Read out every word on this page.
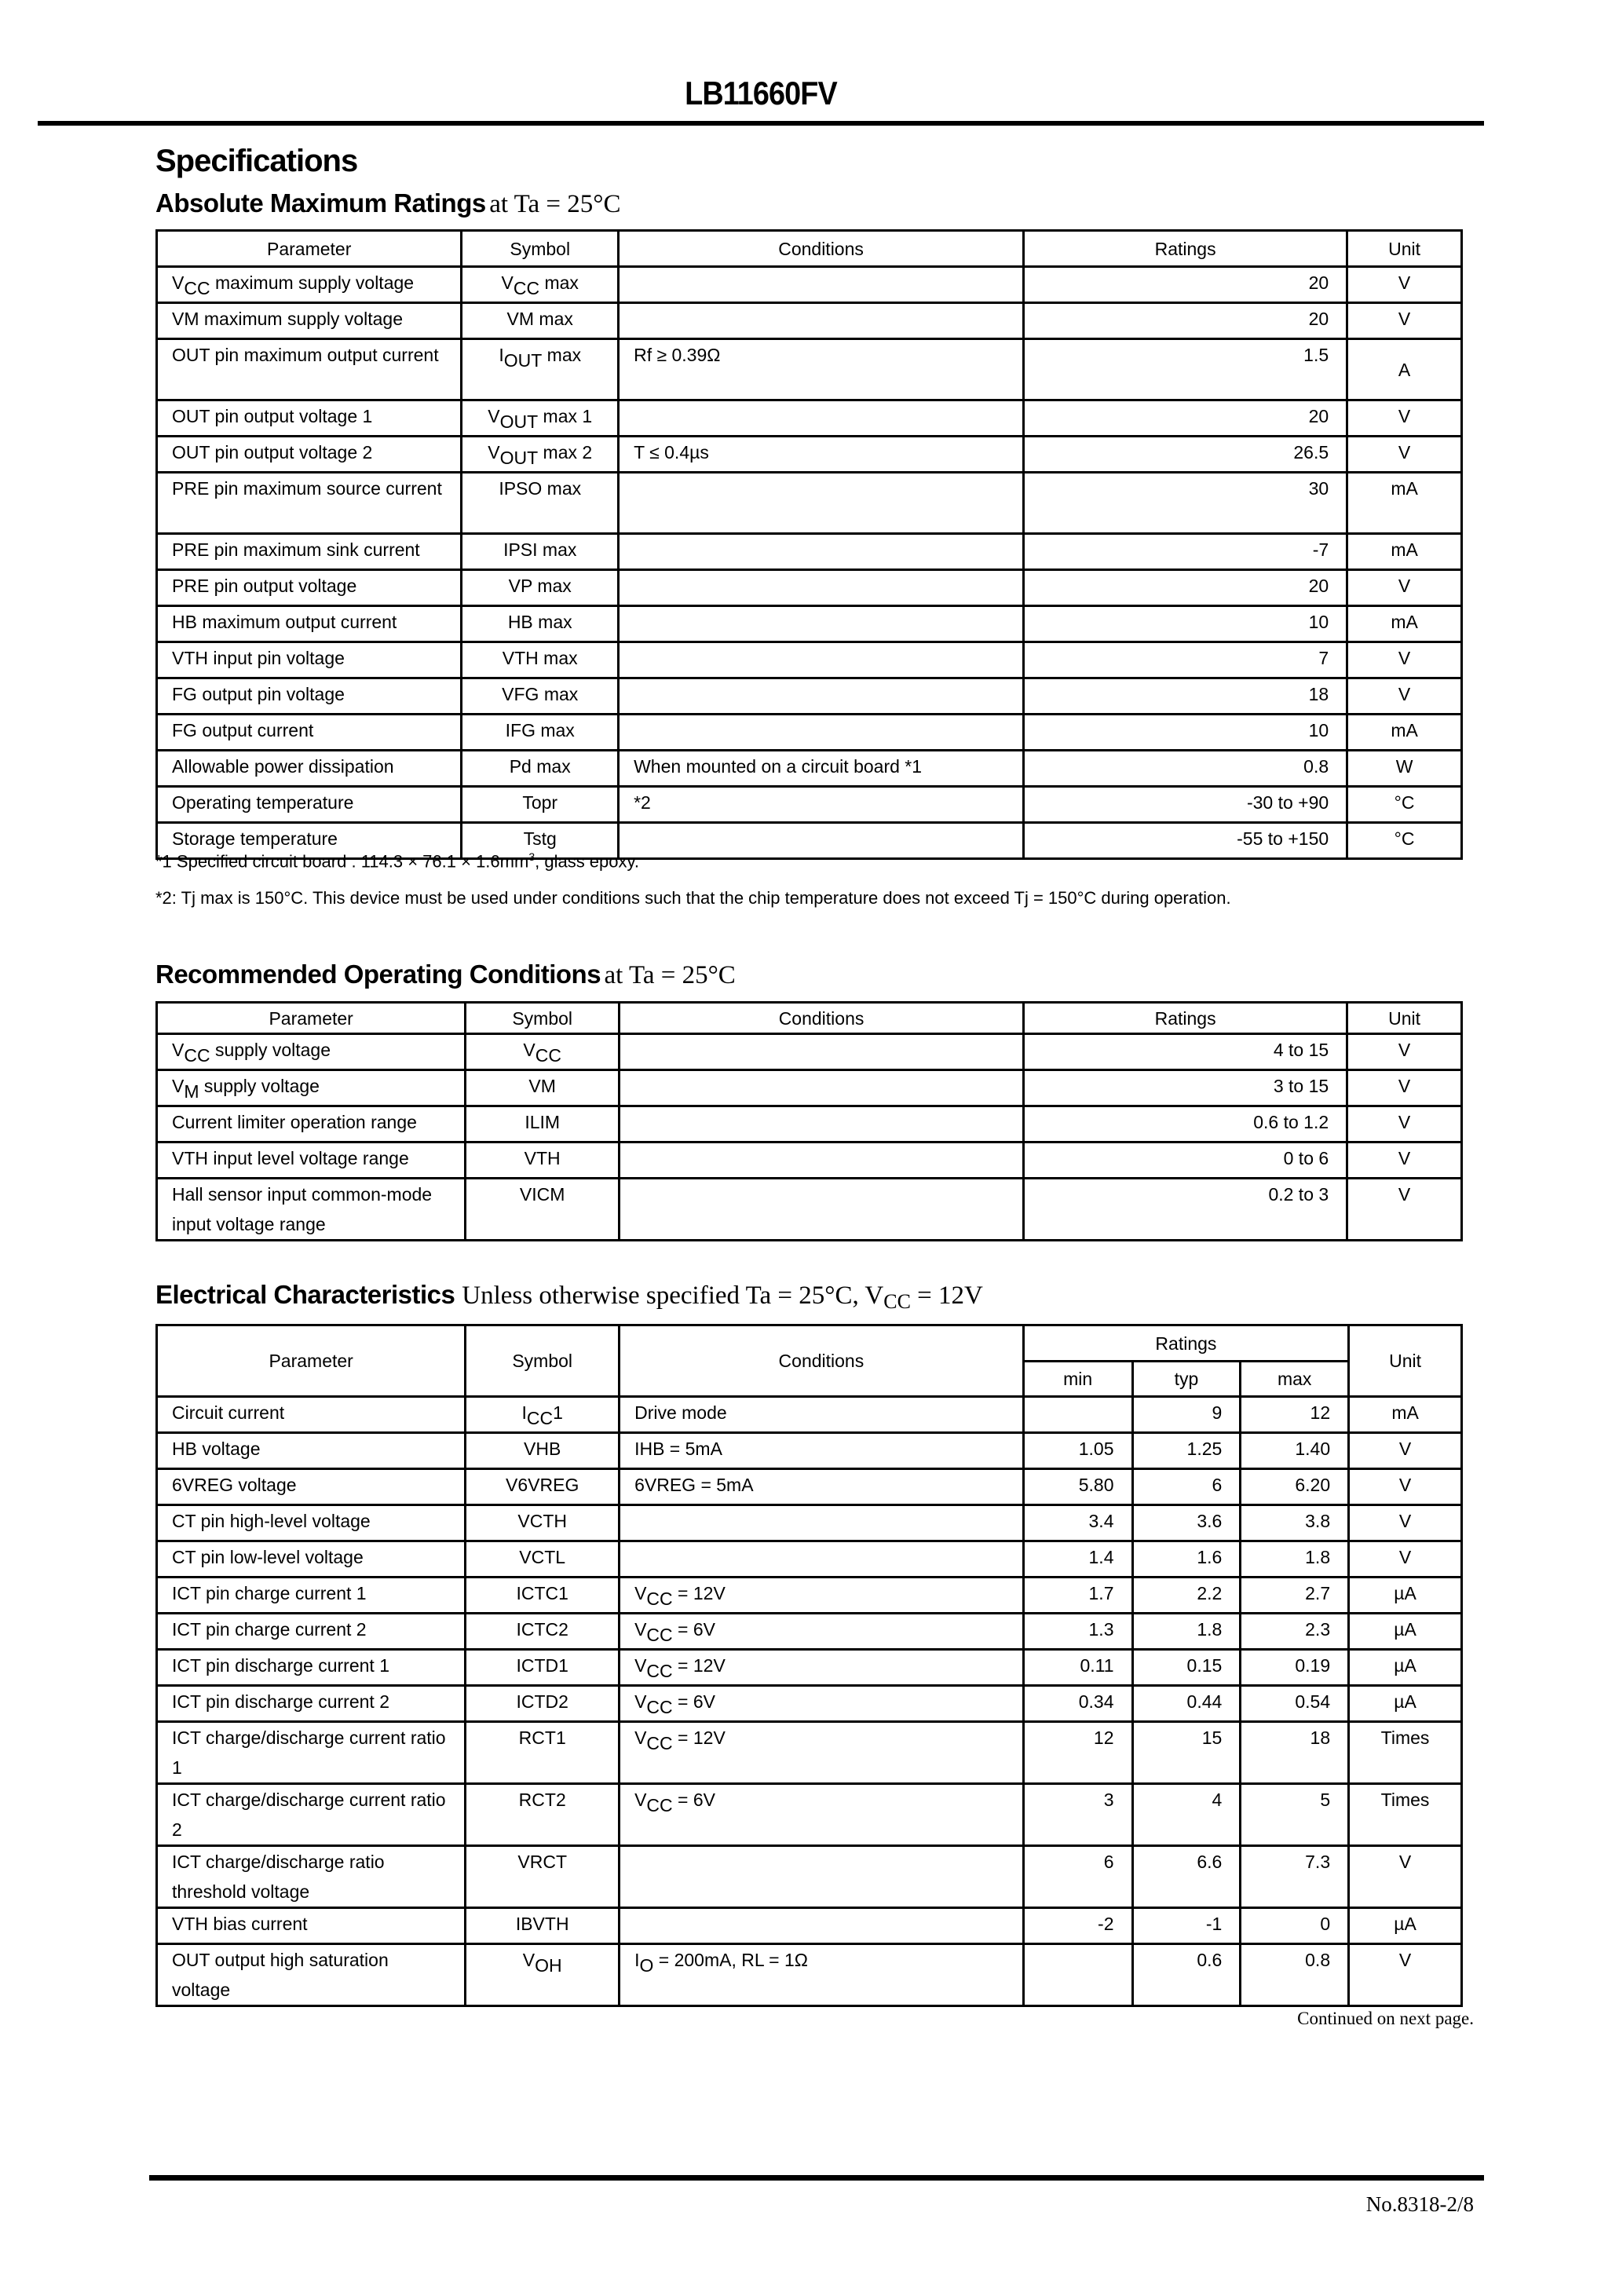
LB11660FV
Specifications
Absolute Maximum Ratings at Ta = 25°C
Parameter	Symbol	Conditions	Ratings	Unit
$V_{CC}$ maximum supply voltage	$V_{CC}$ max		20	V
VM maximum supply voltage	VM max		20	V
OUT pin maximum output current	$I_{OUT}$ max	Rf ≥ 0.39Ω	1.5	A
OUT pin output voltage 1	$V_{OUT}$ max 1		20	V
OUT pin output voltage 2	$V_{OUT}$ max 2	T ≤ 0.4µs	26.5	V
PRE pin maximum source current	IPSO max		30	mA
PRE pin maximum sink current	IPSI max		-7	mA
PRE pin output voltage	VP max		20	V
HB maximum output current	HB max		10	mA
VTH input pin voltage	VTH max		7	V
FG output pin voltage	VFG max		18	V
FG output current	IFG max		10	mA
Allowable power dissipation	Pd max	When mounted on a circuit board *1	0.8	W
Operating temperature	Topr	*2	-30 to +90	°C
Storage temperature	Tstg		-55 to +150	°C
*1 Specified circuit board : $114.3 \times 76.1 \times 1.6mm^3$, glass epoxy.
*2: Tj max is 150°C. This device must be used under conditions such that the chip temperature does not exceed Tj = 150°C during operation.
Recommended Operating Conditions at Ta = 25°C
Parameter	Symbol	Conditions	Ratings	Unit
$V_{CC}$ supply voltage	$V_{CC}$		4 to 15	V
$V_M$ supply voltage	VM		3 to 15	V
Current limiter operation range	ILIM		0.6 to 1.2	V
VTH input level voltage range	VTH		0 to 6	V
Hall sensor input common-mode input voltage range	VICM		0.2 to 3	V
Electrical Characteristics Unless otherwise specified Ta = 25°C, $V_{CC} = 12V$
Parameter	Symbol	Conditions	Ratings			Unit
			min	typ	max	
Circuit current	$I_{CC}1$	Drive mode		9	12	mA
HB voltage	VHB	IHB = 5mA	1.05	1.25	1.40	V
6VREG voltage	V6VREG	6VREG = 5mA	5.80	6	6.20	V
CT pin high-level voltage	VCTH		3.4	3.6	3.8	V
CT pin low-level voltage	VCTL		1.4	1.6	1.8	V
ICT pin charge current 1	ICTC1	$V_{CC} = 12V$	1.7	2.2	2.7	µA
ICT pin charge current 2	ICTC2	$V_{CC} = 6V$	1.3	1.8	2.3	µA
ICT pin discharge current 1	ICTD1	$V_{CC} = 12V$	0.11	0.15	0.19	µA
ICT pin discharge current 2	ICTD2	$V_{CC} = 6V$	0.34	0.44	0.54	µA
ICT charge/discharge current ratio 1	RCT1	$V_{CC} = 12V$	12	15	18	Times
ICT charge/discharge current ratio 2	RCT2	$V_{CC} = 6V$	3	4	5	Times
ICT charge/discharge ratio threshold voltage	VRCT		6	6.6	7.3	V
VTH bias current	IBVTH		-2	-1	0	µA
OUT output high saturation voltage	$V_{OH}$	$I_O = 200mA$, RL = 1Ω		0.6	0.8	V
Continued on next page.
No.8318-2/8
